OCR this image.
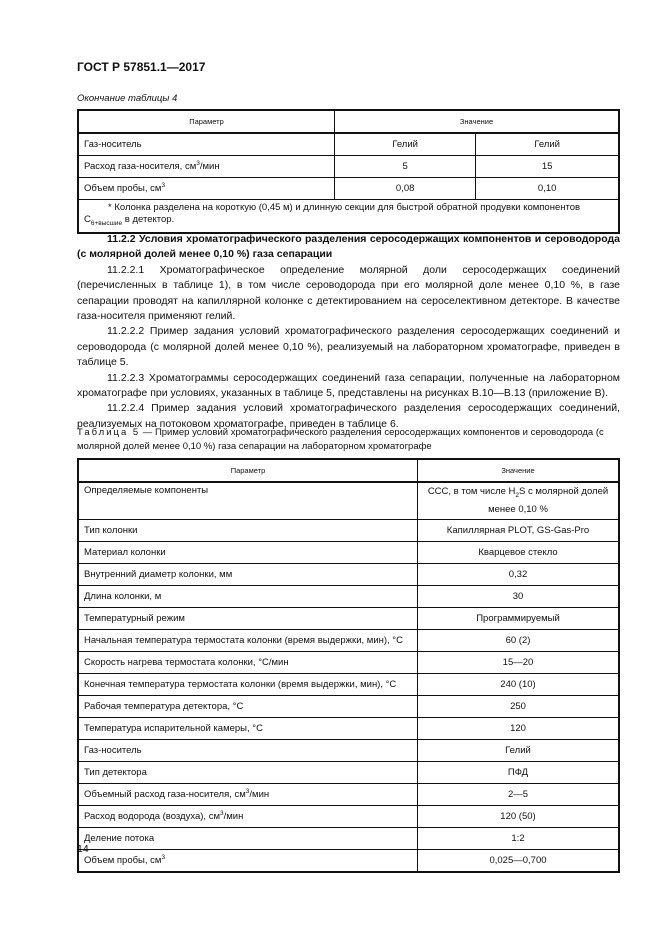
ГОСТ Р 57851.1—2017
Окончание таблицы 4
Параметр	Значение	
Газ-носитель	Гелий	Гелий
Расход газа-носителя, $см^3$/мин	5	15
Объем пробы, $см^3$	0,08	0,10
* Колонка разделена на короткую (0,45 м) и длинную секции для быстрой обратной продувки компонентов $C_{6+высшие}$ в детектор.		

11.2.2 Условия хроматографического разделения серосодержащих компонентов и сероводорода (с молярной долей менее 0,10 %) газа сепарации

11.2.2.1 Хроматографическое определение молярной доли серосодержащих соединений (перечисленных в таблице 1), в том числе сероводорода при его молярной доле менее 0,10 %, в газе сепарации проводят на капиллярной колонке с детектированием на сероселективном детекторе. В качестве газа-носителя применяют гелий.

11.2.2.2 Пример задания условий хроматографического разделения серосодержащих соединений и сероводорода (с молярной долей менее 0,10 %), реализуемый на лабораторном хроматографе, приведен в таблице 5.

11.2.2.3 Хроматограммы серосодержащих соединений газа сепарации, полученные на лабораторном хроматографе при условиях, указанных в таблице 5, представлены на рисунках В.10—В.13 (приложение В).

11.2.2.4 Пример задания условий хроматографического разделения серосодержащих соединений, реализуемых на потоковом хроматографе, приведен в таблице 6.

Таблица 5 — Пример условий хроматографического разделения серосодержащих компонентов и сероводорода (с молярной долей менее 0,10 %) газа сепарации на лабораторном хроматографе
Параметр	Значение
Определяемые компоненты	ССС, в том числе $H_2S$ с молярной долей менее 0,10 %
Тип колонки	Капиллярная PLOT, GS-Gas-Pro
Материал колонки	Кварцевое стекло
Внутренний диаметр колонки, мм	0,32
Длина колонки, м	30
Температурный режим	Программируемый
Начальная температура термостата колонки (время выдержки, мин), °С	60 (2)
Скорость нагрева термостата колонки, °С/мин	15—20
Конечная температура термостата колонки (время выдержки, мин), °С	240 (10)
Рабочая температура детектора, °С	250
Температура испарительной камеры, °С	120
Газ-носитель	Гелий
Тип детектора	ПФД
Объемный расход газа-носителя, $см^3$/мин	2—5
Расход водорода (воздуха), $см^3$/мин	120 (50)
Деление потока	1:2
Объем пробы, $см^3$	0,025—0,700
14
